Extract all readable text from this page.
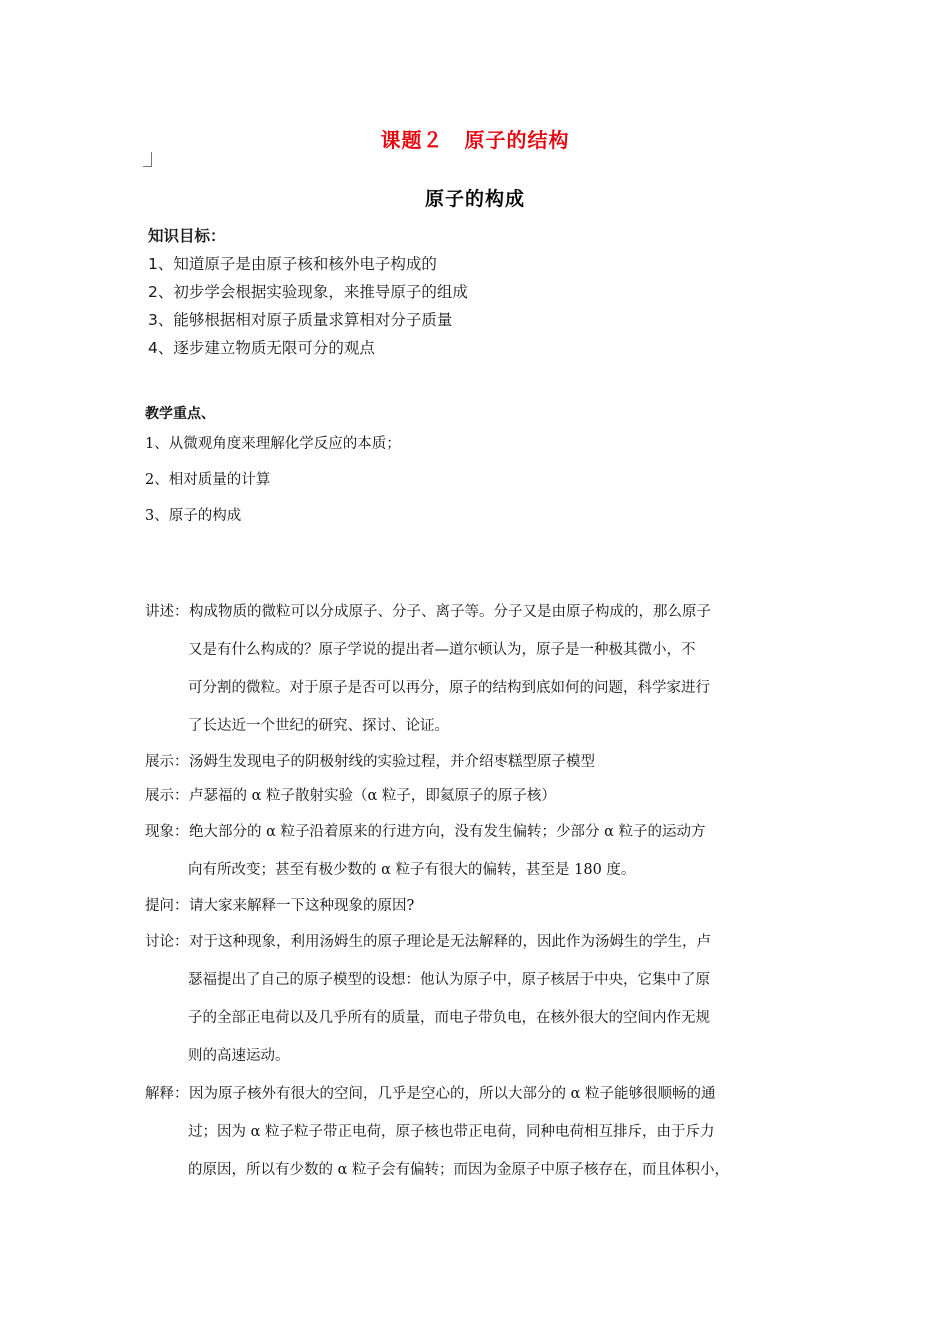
课题２　原子的结构
原子的构成
知识目标：
1、知道原子是由原子核和核外电子构成的
2、初步学会根据实验现象，来推导原子的组成
3、能够根据相对原子质量求算相对分子质量
4、逐步建立物质无限可分的观点
教学重点、
1、从微观角度来理解化学反应的本质；
2、相对质量的计算
3、原子的构成
讲述： 构成物质的微粒可以分成原子、分子、离子等。分子又是由原子构成的，那么原子
又是有什么构成的？原子学说的提出者—道尔顿认为，原子是一种极其微小，不
可分割的微粒。对于原子是否可以再分，原子的结构到底如何的问题，科学家进行
了长达近一个世纪的研究、探讨、论证。
展示： 汤姆生发现电子的阴极射线的实验过程，并介绍枣糕型原子模型
展示： 卢瑟福的 α 粒子散射实验（α 粒子，即氦原子的原子核）
现象： 绝大部分的 α 粒子沿着原来的行进方向，没有发生偏转；少部分 α 粒子的运动方
向有所改变；甚至有极少数的 α 粒子有很大的偏转，甚至是 180 度。
提问： 请大家来解释一下这种现象的原因?
讨论： 对于这种现象，利用汤姆生的原子理论是无法解释的，因此作为汤姆生的学生，卢
瑟福提出了自己的原子模型的设想：他认为原子中，原子核居于中央，它集中了原
子的全部正电荷以及几乎所有的质量，而电子带负电，在核外很大的空间内作无规
则的高速运动。
解释： 因为原子核外有很大的空间，几乎是空心的，所以大部分的 α 粒子能够很顺畅的通
过；因为 α 粒子粒子带正电荷，原子核也带正电荷，同种电荷相互排斥，由于斥力
的原因，所以有少数的 α 粒子会有偏转；而因为金原子中原子核存在，而且体积小，
